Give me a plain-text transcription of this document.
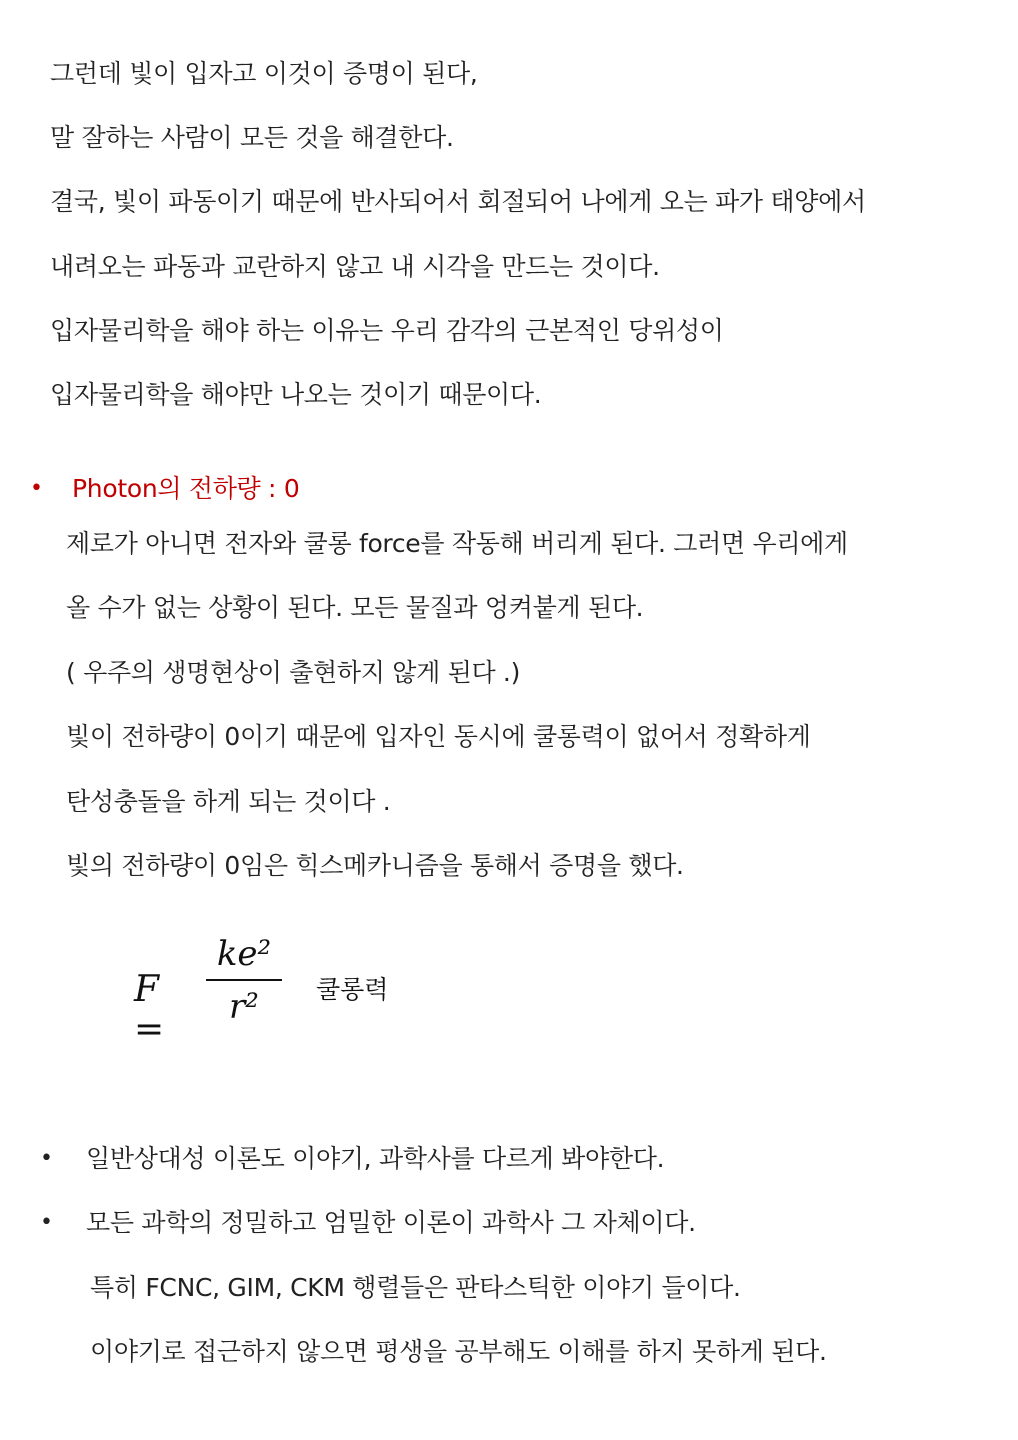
그런데 빛이 입자고 이것이 증명이 된다,
말 잘하는 사람이 모든 것을 해결한다.
결국, 빛이 파동이기 때문에 반사되어서 회절되어 나에게 오는 파가 태양에서
내려오는 파동과 교란하지 않고 내 시각을 만드는 것이다.
입자물리학을 해야 하는 이유는 우리 감각의 근본적인 당위성이
입자물리학을 해야만 나오는 것이기 때문이다.
• Photon의 전하량 : 0
제로가 아니면 전자와 쿨롱 force를 작동해 버리게 된다. 그러면 우리에게
올 수가 없는 상황이 된다. 모든 물질과 엉켜붙게 된다.
( 우주의 생명현상이 출현하지 않게 된다 .)
빛이 전하량이 0이기 때문에 입자인 동시에 쿨롱력이 없어서 정확하게
탄성충돌을 하게 되는 것이다 .
빛의 전하량이 0임은 힉스메카니즘을 통해서 증명을 했다.
F =
ke²
r²	쿨롱력
• 일반상대성 이론도 이야기, 과학사를 다르게 봐야한다.
• 모든 과학의 정밀하고 엄밀한 이론이 과학사 그 자체이다.
특히 FCNC, GIM, CKM 행렬들은 판타스틱한 이야기 들이다.
이야기로 접근하지 않으면 평생을 공부해도 이해를 하지 못하게 된다.
